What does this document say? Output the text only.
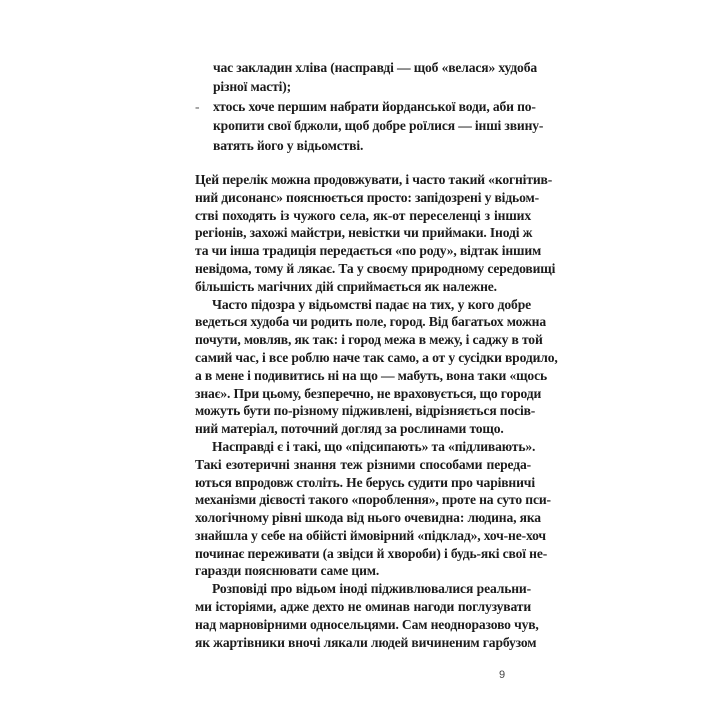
час закладин хліва (насправді — щоб «велася» худоба
різної масті);
- хтось хоче першим набрати йорданської води, аби по-
кропити свої бджоли, щоб добре роїлися — інші звину-
ватять його у відьомстві.
Цей перелік можна продовжувати, і часто такий «когнітив-
ний дисонанс» пояснюється просто: запідозрені у відьом-
стві походять із чужого села, як-от переселенці з інших
регіонів, захожі майстри, невістки чи приймаки. Іноді ж
та чи інша традиція передається «по роду», відтак іншим
невідома, тому й лякає. Та у своєму природному середовищі
більшість магічних дій сприймається як належне.
Часто підозра у відьомстві падає на тих, у кого добре
ведеться худоба чи родить поле, город. Від багатьох можна
почути, мовляв, як так: і город межа в межу, і саджу в той
самий час, і все роблю наче так само, а от у сусідки вродило,
а в мене і подивитись ні на що — мабуть, вона таки «щось
знає». При цьому, безперечно, не враховується, що городи
можуть бути по-різному підживлені, відрізняється посів-
ний матеріал, поточний догляд за рослинами тощо.
Насправді є і такі, що «підсипають» та «підливають».
Такі езотеричні знання теж різними способами переда-
ються впродовж століть. Не берусь судити про чарівничі
механізми дієвості такого «пороблення», проте на суто пси-
хологічному рівні шкода від нього очевидна: людина, яка
знайшла у себе на обійсті ймовірний «підклад», хоч-не-хоч
починає переживати (а звідси й хвороби) і будь-які свої не-
гаразди пояснювати саме цим.
Розповіді про відьом іноді підживлювалися реальни-
ми історіями, адже дехто не оминав нагоди поглузувати
над марновірними односельцями. Сам неодноразово чув,
як жартівники вночі лякали людей вичиненим гарбузом
9
